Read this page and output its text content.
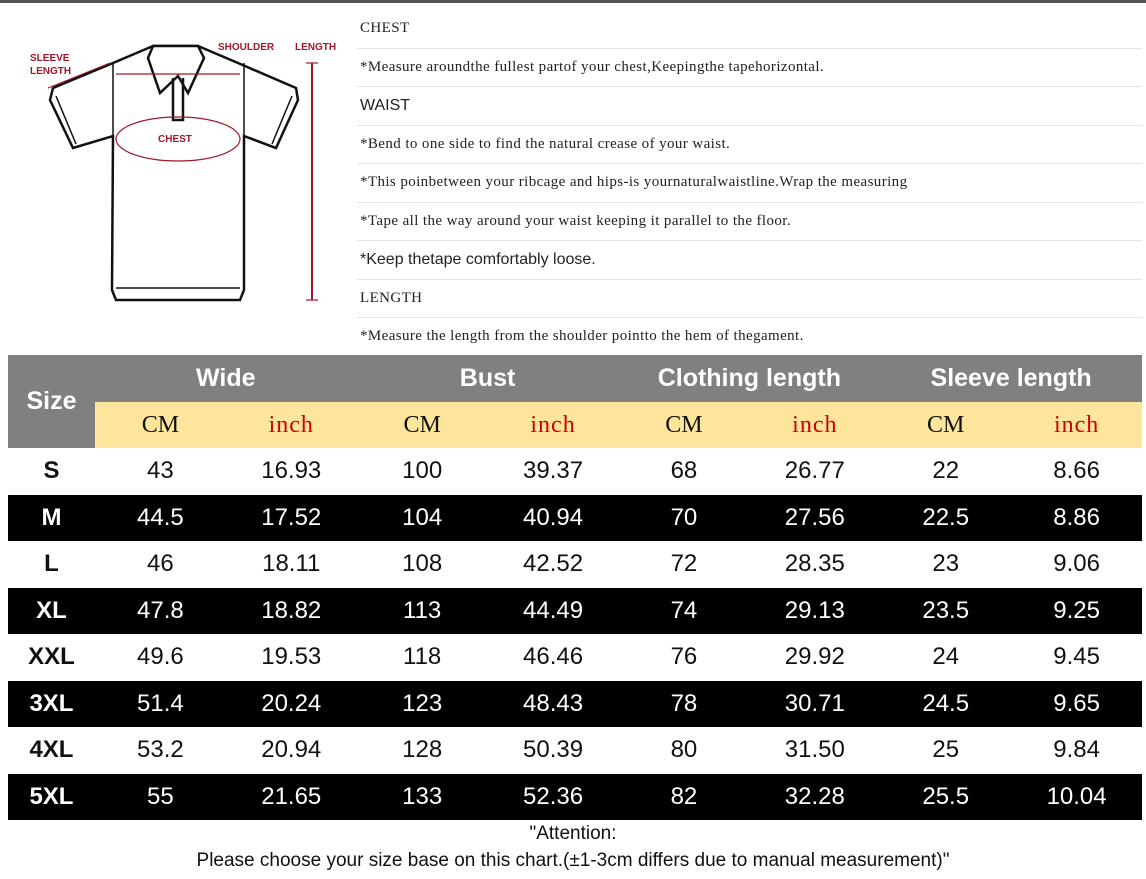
SLEEVE
LENGTH
SHOULDER LENGTH
CHEST
CHEST
*Measure aroundthe fullest partof your chest,Keepingthe tapehorizontal.
WAIST
*Bend to one side to find the natural crease of your waist.
*This poinbetween your ribcage and hips-is yournaturalwaistline.Wrap the measuring
*Tape all the way around your waist keeping it parallel to the floor.
*Keep thetape comfortably loose.
LENGTH
*Measure the length from the shoulder pointto the hem of thegament.
Size
Wide	Bust	Clothing length	Sleeve length
CM	inch	CM	inch	CM	inch	CM	inch
S	43	16.93	100	39.37	68	26.77	22	8.66
M	44.5	17.52	104	40.94	70	27.56	22.5	8.86
L	46	18.11	108	42.52	72	28.35	23	9.06
XL	47.8	18.82	113	44.49	74	29.13	23.5	9.25
XXL	49.6	19.53	118	46.46	76	29.92	24	9.45
3XL	51.4	20.24	123	48.43	78	30.71	24.5	9.65
4XL	53.2	20.94	128	50.39	80	31.50	25	9.84
5XL	55	21.65	133	52.36	82	32.28	25.5	10.04
"Attention:
Please choose your size base on this chart.(±1-3cm differs due to manual measurement)"
